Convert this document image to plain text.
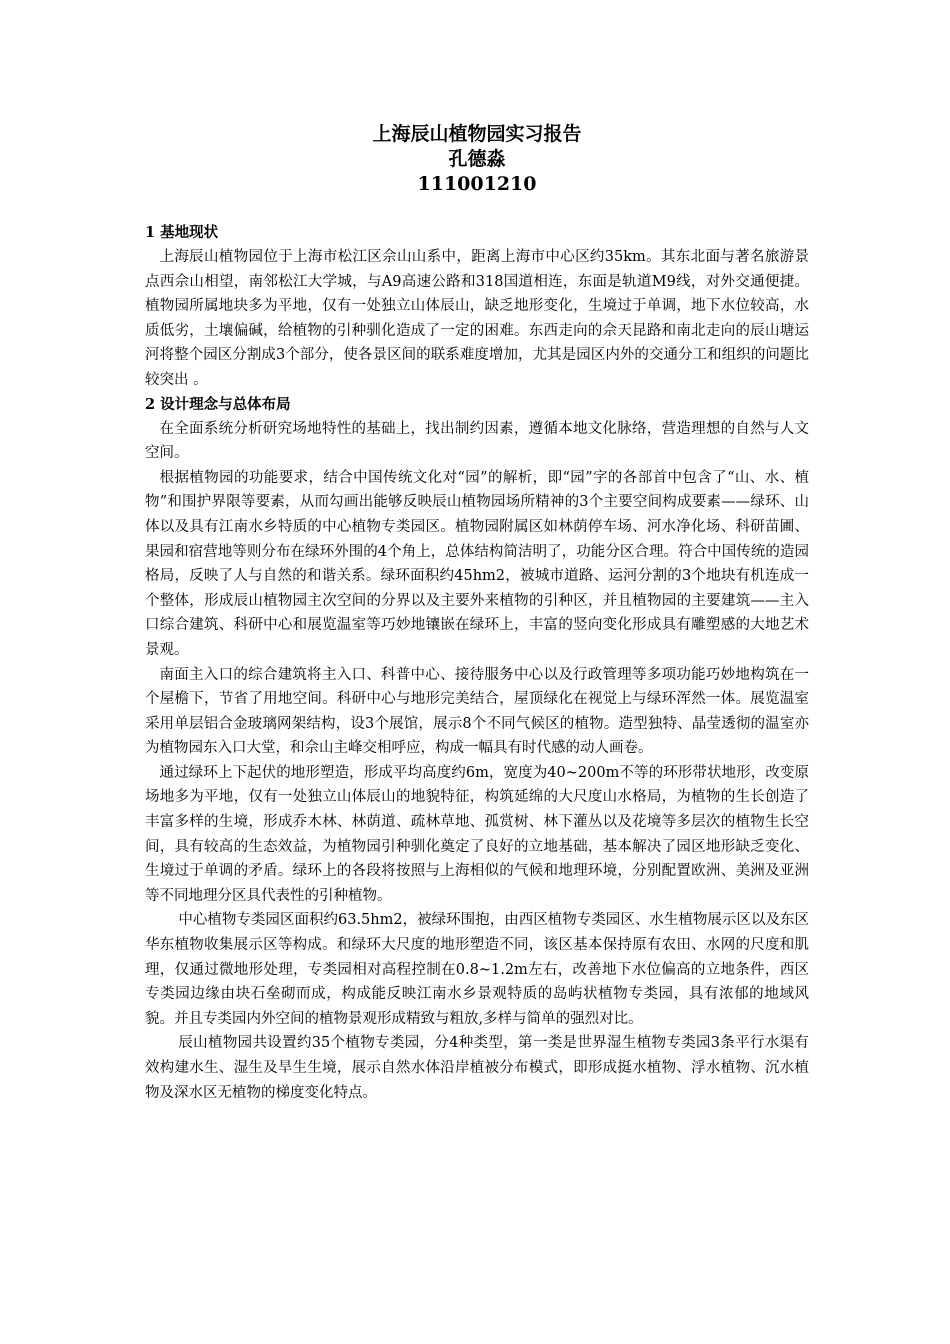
上海辰山植物园实习报告
孔德淼
111001210

1 基地现状

上海辰山植物园位于上海市松江区佘山山系中，距离上海市中心区约35km。其东北面与著名旅游景点西佘山相望，南邻松江大学城，与A9高速公路和318国道相连，东面是轨道M9线，对外交通便捷。植物园所属地块多为平地，仅有一处独立山体辰山，缺乏地形变化，生境过于单调，地下水位较高，水质低劣，土壤偏碱，给植物的引种驯化造成了一定的困难。东西走向的佘天昆路和南北走向的辰山塘运河将整个园区分割成3个部分，使各景区间的联系难度增加，尤其是园区内外的交通分工和组织的问题比较突出 。

2 设计理念与总体布局

在全面系统分析研究场地特性的基础上，找出制约因素，遵循本地文化脉络，营造理想的自然与人文空间。

根据植物园的功能要求，结合中国传统文化对“园”的解析，即“园”字的各部首中包含了“山、水、植物”和围护界限等要素，从而勾画出能够反映辰山植物园场所精神的3个主要空间构成要素——绿环、山体以及具有江南水乡特质的中心植物专类园区。植物园附属区如林荫停车场、河水净化场、科研苗圃、果园和宿营地等则分布在绿环外围的4个角上，总体结构简洁明了，功能分区合理。符合中国传统的造园格局，反映了人与自然的和谐关系。绿环面积约45hm2，被城市道路、运河分割的3个地块有机连成一个整体，形成辰山植物园主次空间的分界以及主要外来植物的引种区，并且植物园的主要建筑——主入口综合建筑、科研中心和展览温室等巧妙地镶嵌在绿环上，丰富的竖向变化形成具有雕塑感的大地艺术景观。

南面主入口的综合建筑将主入口、科普中心、接待服务中心以及行政管理等多项功能巧妙地构筑在一个屋檐下，节省了用地空间。科研中心与地形完美结合，屋顶绿化在视觉上与绿环浑然一体。展览温室采用单层铝合金玻璃网架结构，设3个展馆，展示8个不同气候区的植物。造型独特、晶莹透彻的温室亦为植物园东入口大堂，和佘山主峰交相呼应，构成一幅具有时代感的动人画卷。

通过绿环上下起伏的地形塑造，形成平均高度约6m，宽度为40~200m不等的环形带状地形，改变原场地多为平地，仅有一处独立山体辰山的地貌特征，构筑延绵的大尺度山水格局，为植物的生长创造了丰富多样的生境，形成乔木林、林荫道、疏林草地、孤赏树、林下灌丛以及花境等多层次的植物生长空间，具有较高的生态效益，为植物园引种驯化奠定了良好的立地基础，基本解决了园区地形缺乏变化、生境过于单调的矛盾。绿环上的各段将按照与上海相似的气候和地理环境，分别配置欧洲、美洲及亚洲等不同地理分区具代表性的引种植物。

中心植物专类园区面积约63.5hm2，被绿环围抱，由西区植物专类园区、水生植物展示区以及东区华东植物收集展示区等构成。和绿环大尺度的地形塑造不同，该区基本保持原有农田、水网的尺度和肌理，仅通过微地形处理，专类园相对高程控制在0.8~1.2m左右，改善地下水位偏高的立地条件，西区专类园边缘由块石垒砌而成，构成能反映江南水乡景观特质的岛屿状植物专类园，具有浓郁的地域风貌。并且专类园内外空间的植物景观形成精致与粗放,多样与简单的强烈对比。

辰山植物园共设置约35个植物专类园，分4种类型，第一类是世界湿生植物专类园3条平行水渠有效构建水生、湿生及旱生生境，展示自然水体沿岸植被分布模式，即形成挺水植物、浮水植物、沉水植物及深水区无植物的梯度变化特点。
